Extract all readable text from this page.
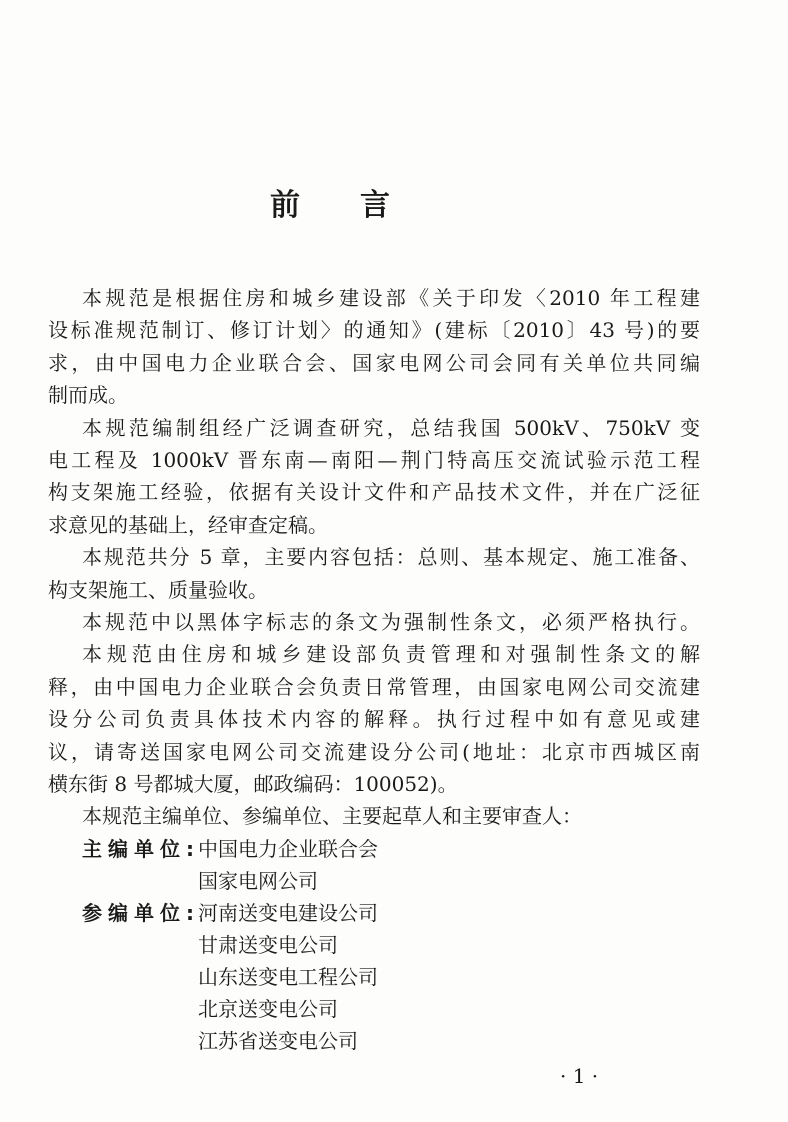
前 言
本规范是根据住房和城乡建设部《关于印发〈2010 年工程建
设标准规范制订、修订计划〉的通知》(建标〔2010〕43 号)的要
求，由中国电力企业联合会、国家电网公司会同有关单位共同编
制而成。
本规范编制组经广泛调查研究，总结我国 500kV、750kV 变
电工程及 1000kV 晋东南—南阳—荆门特高压交流试验示范工程
构支架施工经验，依据有关设计文件和产品技术文件，并在广泛征
求意见的基础上，经审查定稿。
本规范共分 5 章，主要内容包括：总则、基本规定、施工准备、
构支架施工、质量验收。
本规范中以黑体字标志的条文为强制性条文，必须严格执行。
本规范由住房和城乡建设部负责管理和对强制性条文的解
释，由中国电力企业联合会负责日常管理，由国家电网公司交流建
设分公司负责具体技术内容的解释。执行过程中如有意见或建
议，请寄送国家电网公司交流建设分公司(地址：北京市西城区南
横东街 8 号都城大厦，邮政编码：100052)。
本规范主编单位、参编单位、主要起草人和主要审查人：
主编单位: 中国电力企业联合会
国家电网公司
参编单位: 河南送变电建设公司
甘肃送变电公司
山东送变电工程公司
北京送变电公司
江苏省送变电公司
· 1 ·
